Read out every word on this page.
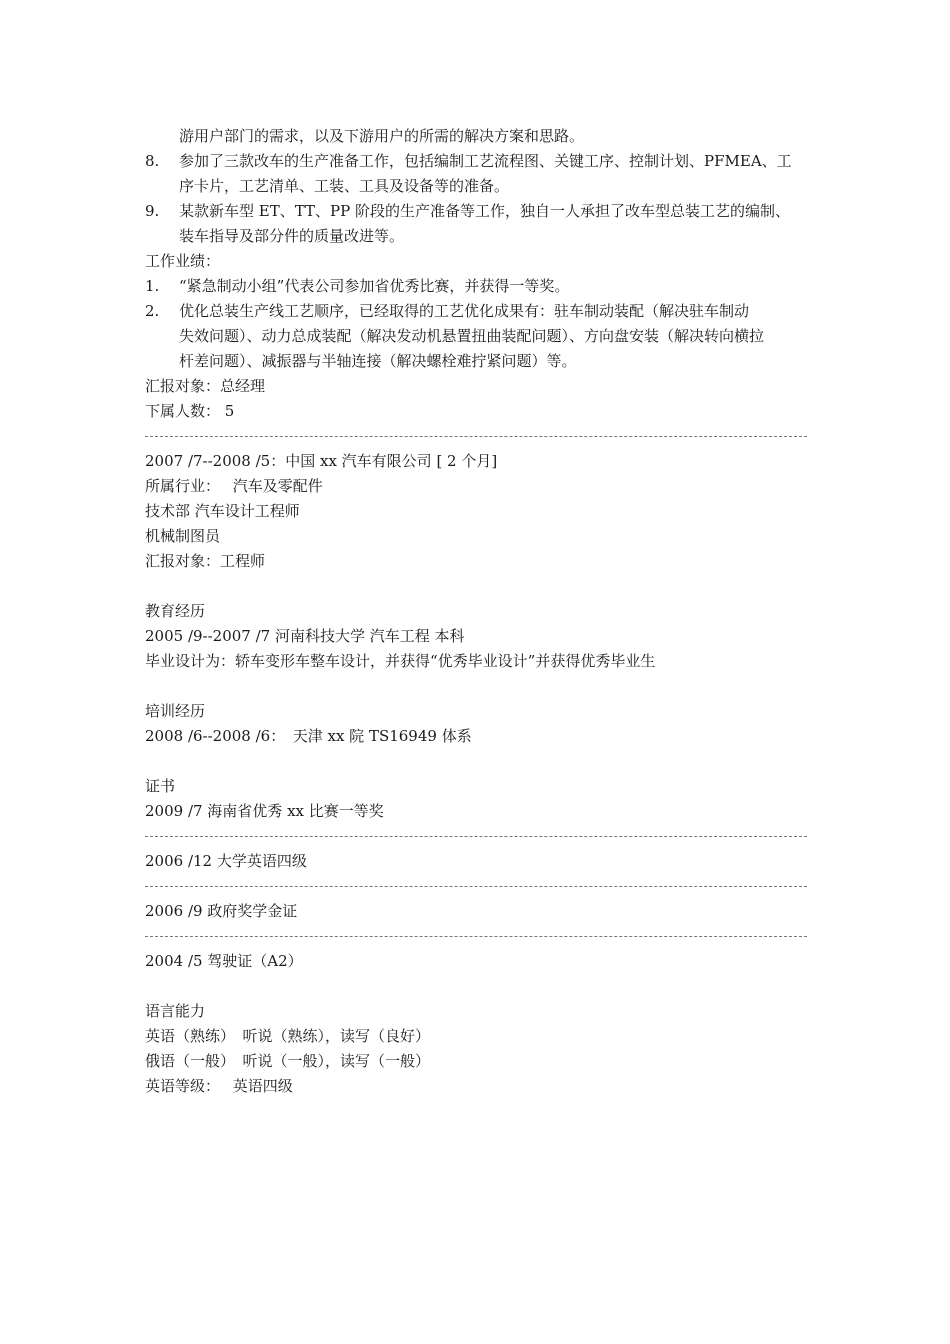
游用户部门的需求，以及下游用户的所需的解决方案和思路。
8. 参加了三款改车的生产准备工作，包括编制工艺流程图、关键工序、控制计划、PFMEA、工
序卡片，工艺清单、工装、工具及设备等的准备。
9. 某款新车型 ET、TT、PP 阶段的生产准备等工作，独自一人承担了改车型总装工艺的编制、
装车指导及部分件的质量改进等。
工作业绩：
1. “紧急制动小组”代表公司参加省优秀比赛，并获得一等奖。
2. 优化总装生产线工艺顺序，已经取得的工艺优化成果有：驻车制动装配（解决驻车制动
失效问题）、动力总成装配（解决发动机悬置扭曲装配问题）、方向盘安装（解决转向横拉
杆差问题）、减振器与半轴连接（解决螺栓难拧紧问题）等。
汇报对象：总经理
下属人数： 5
2007 /7--2008 /5：中国 xx 汽车有限公司 [ 2 个月]
所属行业： 汽车及零配件
技术部 汽车设计工程师
机械制图员
汇报对象：工程师
教育经历
2005 /9--2007 /7 河南科技大学 汽车工程 本科
毕业设计为：轿车变形车整车设计，并获得“优秀毕业设计”并获得优秀毕业生
培训经历
2008 /6--2008 /6：　天津 xx 院 TS16949 体系
证书
2009 /7 海南省优秀 xx 比赛一等奖
2006 /12 大学英语四级
2006 /9 政府奖学金证
2004 /5 驾驶证（A2）
语言能力
英语（熟练）　听说（熟练），读写（良好）
俄语（一般）　听说（一般），读写（一般）
英语等级： 英语四级
